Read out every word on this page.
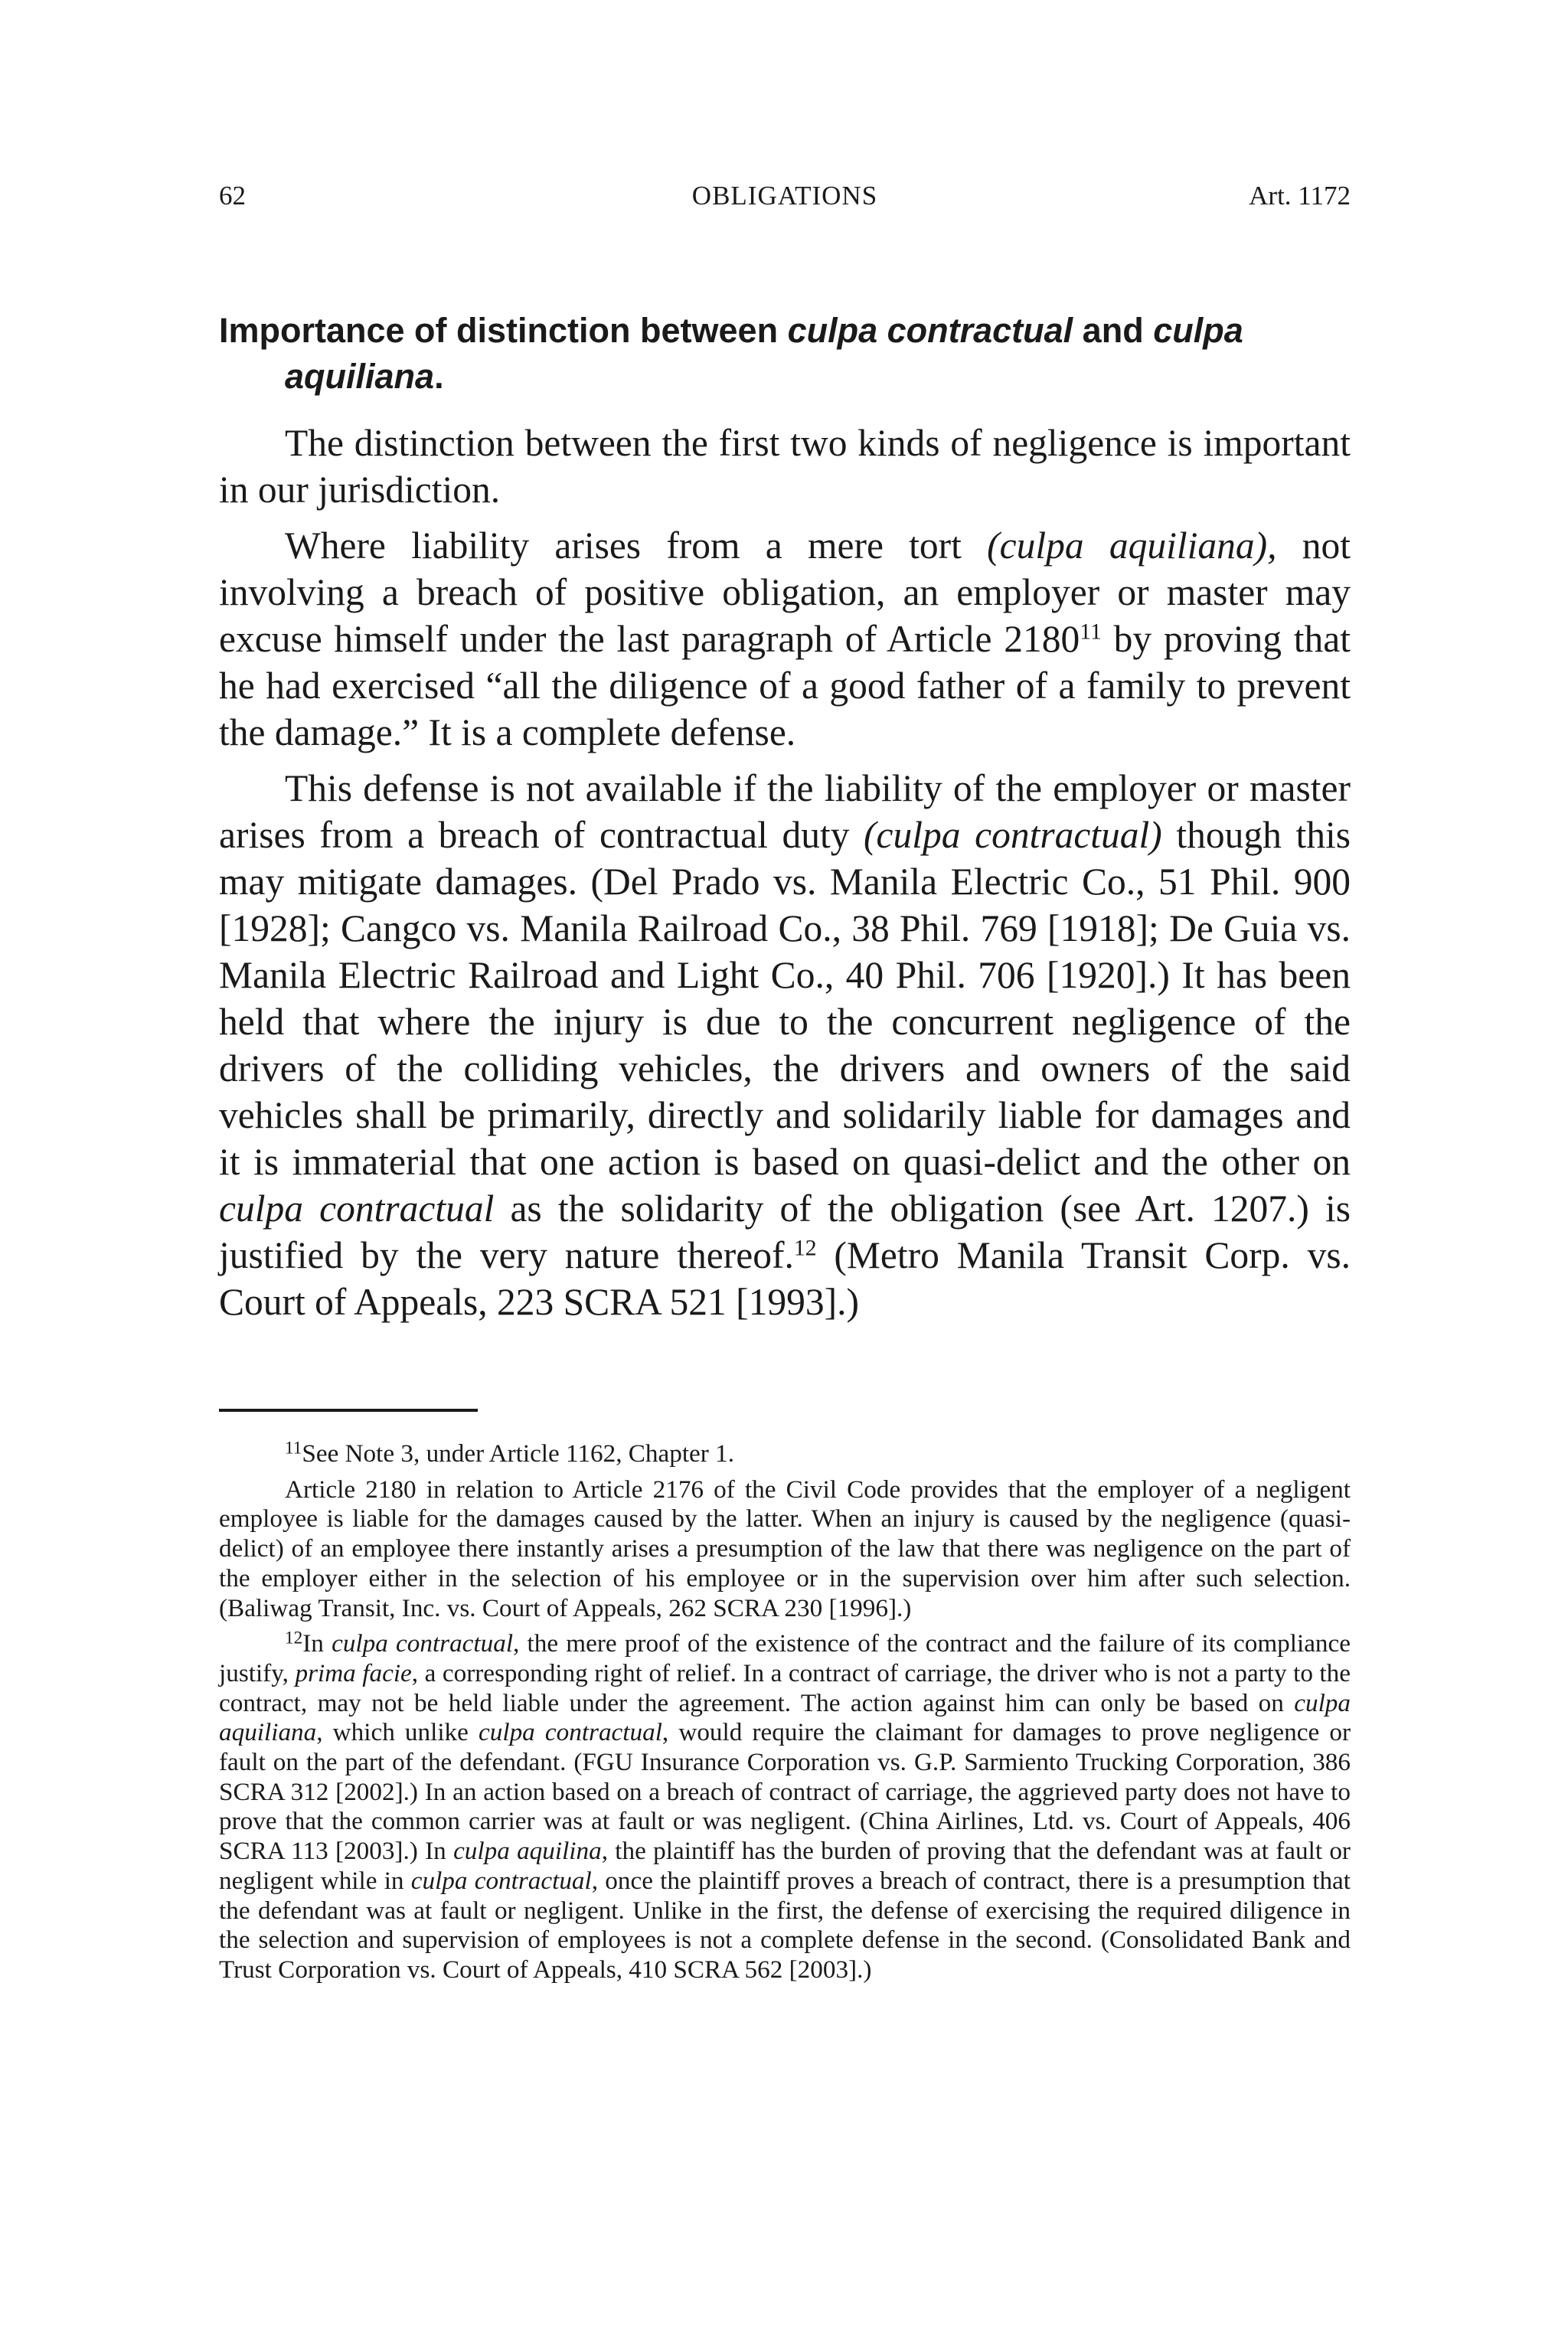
62	OBLIGATIONS	Art. 1172
Importance of distinction between culpa contractual and culpa aquiliana.

The distinction between the first two kinds of negligence is important in our jurisdiction.

Where liability arises from a mere tort (culpa aquiliana), not involving a breach of positive obligation, an employer or master may excuse himself under the last paragraph of Article 2180$^{11}$ by proving that he had exercised “all the diligence of a good father of a family to prevent the damage.” It is a complete defense.

This defense is not available if the liability of the employer or master arises from a breach of contractual duty (culpa contractual) though this may mitigate damages. (Del Prado vs. Manila Electric Co., 51 Phil. 900 [1928]; Cangco vs. Manila Railroad Co., 38 Phil. 769 [1918]; De Guia vs. Manila Electric Railroad and Light Co., 40 Phil. 706 [1920].) It has been held that where the injury is due to the concurrent negligence of the drivers of the colliding vehicles, the drivers and owners of the said vehicles shall be primarily, directly and solidarily liable for damages and it is immaterial that one action is based on quasi-delict and the other on culpa contractual as the solidarity of the obligation (see Art. 1207.) is justified by the very nature thereof.$^{12}$ (Metro Manila Transit Corp. vs. Court of Appeals, 223 SCRA 521 [1993].)

$^{11}$See Note 3, under Article 1162, Chapter 1.

Article 2180 in relation to Article 2176 of the Civil Code provides that the employer of a negligent employee is liable for the damages caused by the latter. When an injury is caused by the negligence (quasi-delict) of an employee there instantly arises a presumption of the law that there was negligence on the part of the employer either in the selection of his employee or in the supervision over him after such selection. (Baliwag Transit, Inc. vs. Court of Appeals, 262 SCRA 230 [1996].)

$^{12}$In culpa contractual, the mere proof of the existence of the contract and the failure of its compliance justify, prima facie, a corresponding right of relief. In a contract of carriage, the driver who is not a party to the contract, may not be held liable under the agreement. The action against him can only be based on culpa aquiliana, which unlike culpa contractual, would require the claimant for damages to prove negligence or fault on the part of the defendant. (FGU Insurance Corporation vs. G.P. Sarmiento Trucking Corporation, 386 SCRA 312 [2002].) In an action based on a breach of contract of carriage, the aggrieved party does not have to prove that the common carrier was at fault or was negligent. (China Airlines, Ltd. vs. Court of Appeals, 406 SCRA 113 [2003].) In culpa aquilina, the plaintiff has the burden of proving that the defendant was at fault or negligent while in culpa contractual, once the plaintiff proves a breach of contract, there is a presumption that the defendant was at fault or negligent. Unlike in the first, the defense of exercising the required diligence in the selection and supervision of employees is not a complete defense in the second. (Consolidated Bank and Trust Corporation vs. Court of Appeals, 410 SCRA 562 [2003].)
